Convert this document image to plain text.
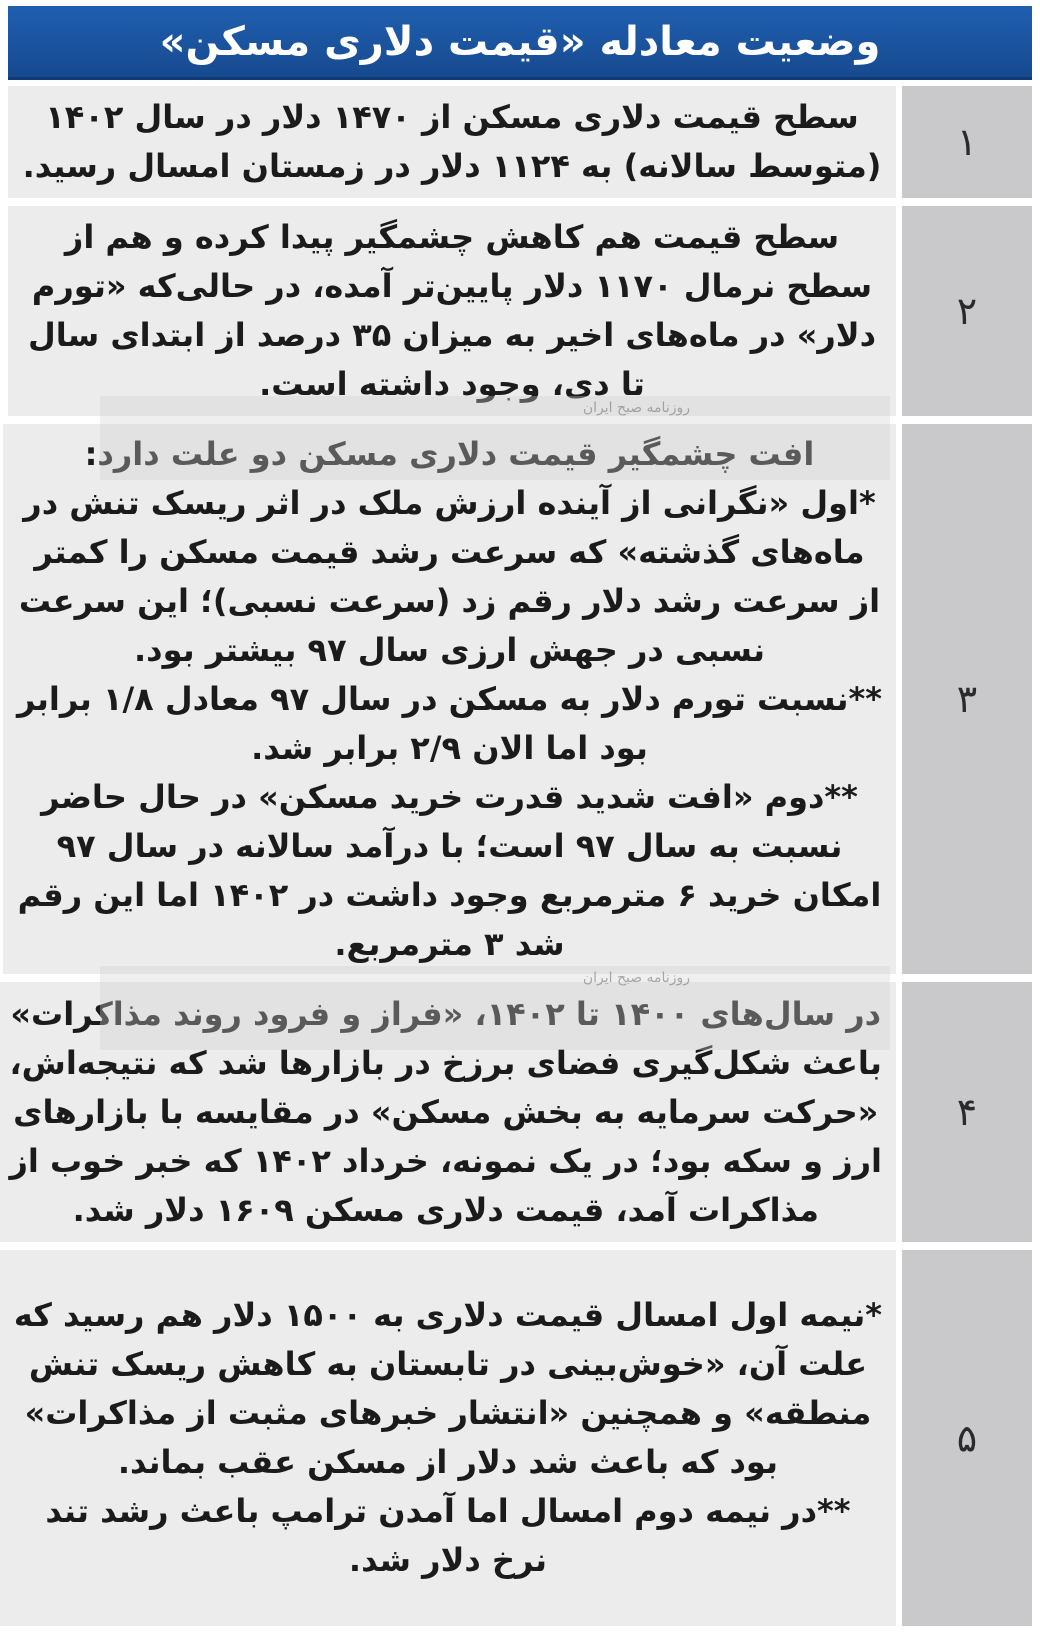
وضعیت معادله «قیمت دلاری مسکن»
۱
سطح قیمت دلاری مسکن از ۱۴۷۰ دلار در سال ۱۴۰۲
(متوسط سالانه) به ۱۱۲۴ دلار در زمستان امسال رسید.
۲
سطح قیمت هم کاهش چشمگیر پیدا کرده و هم از
سطح نرمال ۱۱۷۰ دلار پایین‌تر آمده، در حالی‌که «تورم
دلار» در ماه‌های اخیر به میزان ۳۵ درصد از ابتدای سال
تا دی، وجود داشته است.
۳
افت چشمگیر قیمت دلاری مسکن دو علت دارد:
*اول «نگرانی از آینده ارزش ملک در اثر ریسک تنش در
ماه‌های گذشته» که سرعت رشد قیمت مسکن را کمتر
از سرعت رشد دلار رقم زد (سرعت نسبی)؛ این سرعت
نسبی در جهش ارزی سال ۹۷ بیشتر بود.
**نسبت تورم دلار به مسکن در سال ۹۷ معادل ۱/۸ برابر
بود اما الان ۲/۹ برابر شد.
**دوم «افت شدید قدرت خرید مسکن» در حال حاضر
نسبت به سال ۹۷ است؛ با درآمد سالانه در سال ۹۷
امکان خرید ۶ مترمربع وجود داشت در ۱۴۰۲ اما این رقم
شد ۳ مترمربع.
۴
در سال‌های ۱۴۰۰ تا ۱۴۰۲، «فراز و فرود روند مذاکرات»
باعث شکل‌گیری فضای برزخ در بازارها شد که نتیجه‌اش،
«حرکت سرمایه به بخش مسکن» در مقایسه با بازارهای
ارز و سکه بود؛ در یک نمونه، خرداد ۱۴۰۲ که خبر خوب از
مذاکرات آمد، قیمت دلاری مسکن ۱۶۰۹ دلار شد.
۵
*نیمه اول امسال قیمت دلاری به ۱۵۰۰ دلار هم رسید که
علت آن، «خوش‌بینی در تابستان به کاهش ریسک تنش
منطقه» و همچنین «انتشار خبرهای مثبت از مذاکرات»
بود که باعث شد دلار از مسکن عقب بماند.
**در نیمه دوم امسال اما آمدن ترامپ باعث رشد تند
نرخ دلار شد.
روزنامه صبح ایران
روزنامه صبح ایران
